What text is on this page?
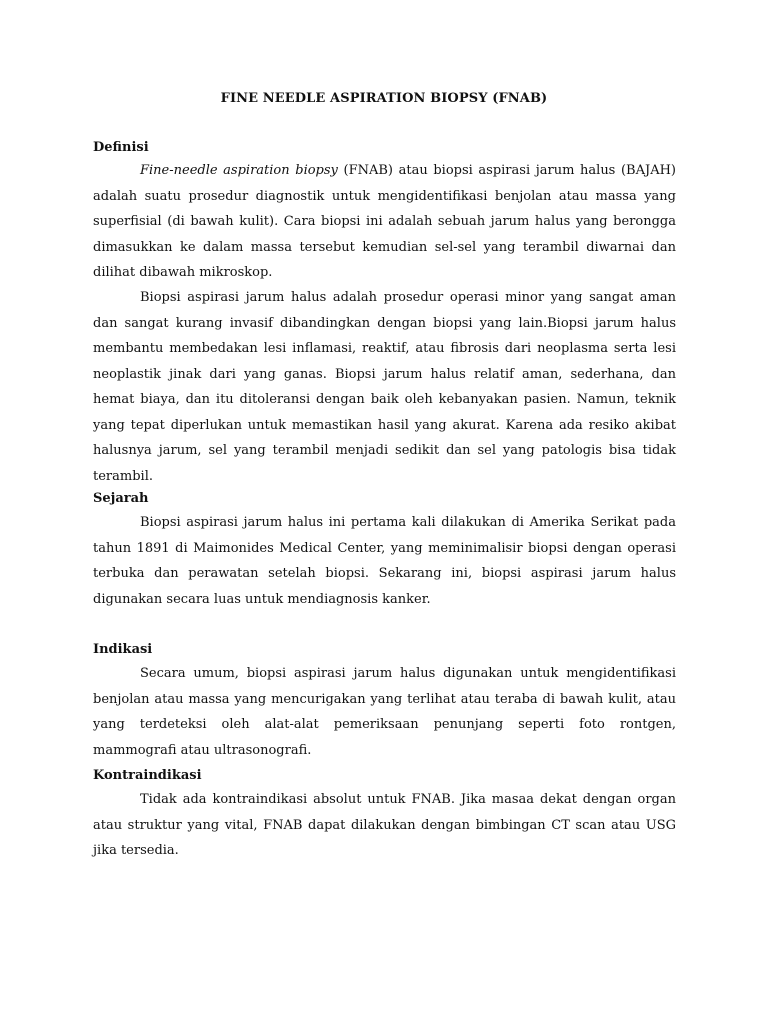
FINE NEEDLE ASPIRATION BIOPSY (FNAB)
Definisi

Fine-needle aspiration biopsy (FNAB) atau biopsi aspirasi jarum halus (BAJAH) adalah suatu prosedur diagnostik untuk mengidentifikasi benjolan atau massa yang superfisial (di bawah kulit). Cara biopsi ini adalah sebuah jarum halus yang berongga dimasukkan ke dalam massa tersebut kemudian sel-sel yang terambil diwarnai dan dilihat dibawah mikroskop.

Biopsi aspirasi jarum halus adalah prosedur operasi minor yang sangat aman dan sangat kurang invasif dibandingkan dengan biopsi yang lain.Biopsi jarum halus membantu membedakan lesi inflamasi, reaktif, atau fibrosis dari neoplasma serta lesi neoplastik jinak dari yang ganas. Biopsi jarum halus relatif aman, sederhana, dan hemat biaya, dan itu ditoleransi dengan baik oleh kebanyakan pasien. Namun, teknik yang tepat diperlukan untuk memastikan hasil yang akurat. Karena ada resiko akibat halusnya jarum, sel yang terambil menjadi sedikit dan sel yang patologis bisa tidak terambil.

Sejarah

Biopsi aspirasi jarum halus ini pertama kali dilakukan di Amerika Serikat pada tahun 1891 di Maimonides Medical Center, yang meminimalisir biopsi dengan operasi terbuka dan perawatan setelah biopsi. Sekarang ini, biopsi aspirasi jarum halus digunakan secara luas untuk mendiagnosis kanker.

Indikasi

Secara umum, biopsi aspirasi jarum halus digunakan untuk mengidentifikasi benjolan atau massa yang mencurigakan yang terlihat atau teraba di bawah kulit, atau yang terdeteksi oleh alat-alat pemeriksaan penunjang seperti foto rontgen, mammografi atau ultrasonografi.

Kontraindikasi

Tidak ada kontraindikasi absolut untuk FNAB. Jika masaa dekat dengan organ atau struktur yang vital, FNAB dapat dilakukan dengan bimbingan CT scan atau USG jika tersedia.
